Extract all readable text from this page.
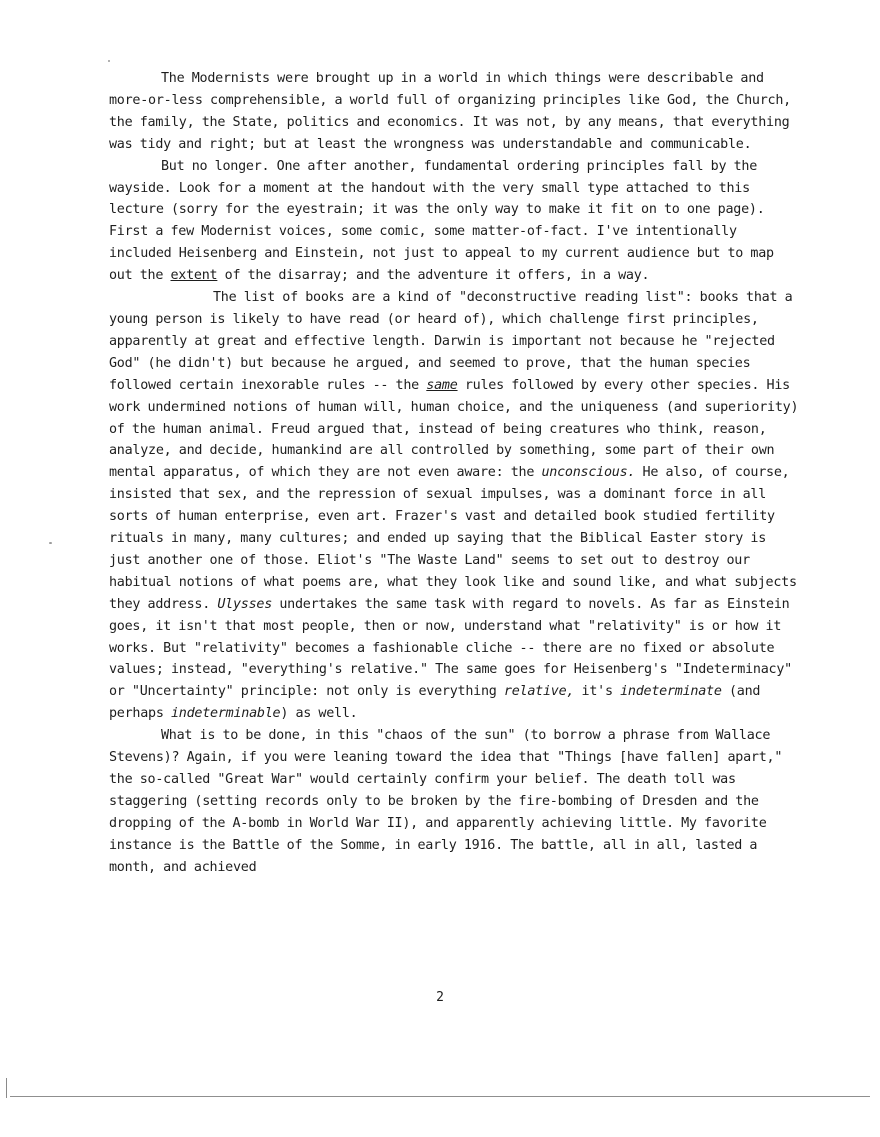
The Modernists were brought up in a world in which things were describable and more-or-less comprehensible, a world full of organizing principles like God, the Church, the family, the State, politics and economics. It was not, by any means, that everything was tidy and right; but at least the wrongness was understandable and communicable.

But no longer. One after another, fundamental ordering principles fall by the wayside. Look for a moment at the handout with the very small type attached to this lecture (sorry for the eyestrain; it was the only way to make it fit on to one page). First a few Modernist voices, some comic, some matter-of-fact. I've intentionally included Heisenberg and Einstein, not just to appeal to my current audience but to map out the extent of the disarray; and the adventure it offers, in a way.

The list of books are a kind of "deconstructive reading list": books that a young person is likely to have read (or heard of), which challenge first principles, apparently at great and effective length. Darwin is important not because he "rejected God" (he didn't) but because he argued, and seemed to prove, that the human species followed certain inexorable rules -- the same rules followed by every other species. His work undermined notions of human will, human choice, and the uniqueness (and superiority) of the human animal. Freud argued that, instead of being creatures who think, reason, analyze, and decide, humankind are all controlled by something, some part of their own mental apparatus, of which they are not even aware: the unconscious. He also, of course, insisted that sex, and the repression of sexual impulses, was a dominant force in all sorts of human enterprise, even art. Frazer's vast and detailed book studied fertility rituals in many, many cultures; and ended up saying that the Biblical Easter story is just another one of those. Eliot's "The Waste Land" seems to set out to destroy our habitual notions of what poems are, what they look like and sound like, and what subjects they address. Ulysses undertakes the same task with regard to novels. As far as Einstein goes, it isn't that most people, then or now, understand what "relativity" is or how it works. But "relativity" becomes a fashionable cliche -- there are no fixed or absolute values; instead, "everything's relative." The same goes for Heisenberg's "Indeterminacy" or "Uncertainty" principle: not only is everything relative, it's indeterminate (and perhaps indeterminable) as well.

What is to be done, in this "chaos of the sun" (to borrow a phrase from Wallace Stevens)? Again, if you were leaning toward the idea that "Things [have fallen] apart," the so-called "Great War" would certainly confirm your belief. The death toll was staggering (setting records only to be broken by the fire-bombing of Dresden and the dropping of the A-bomb in World War II), and apparently achieving little. My favorite instance is the Battle of the Somme, in early 1916. The battle, all in all, lasted a month, and achieved

2
